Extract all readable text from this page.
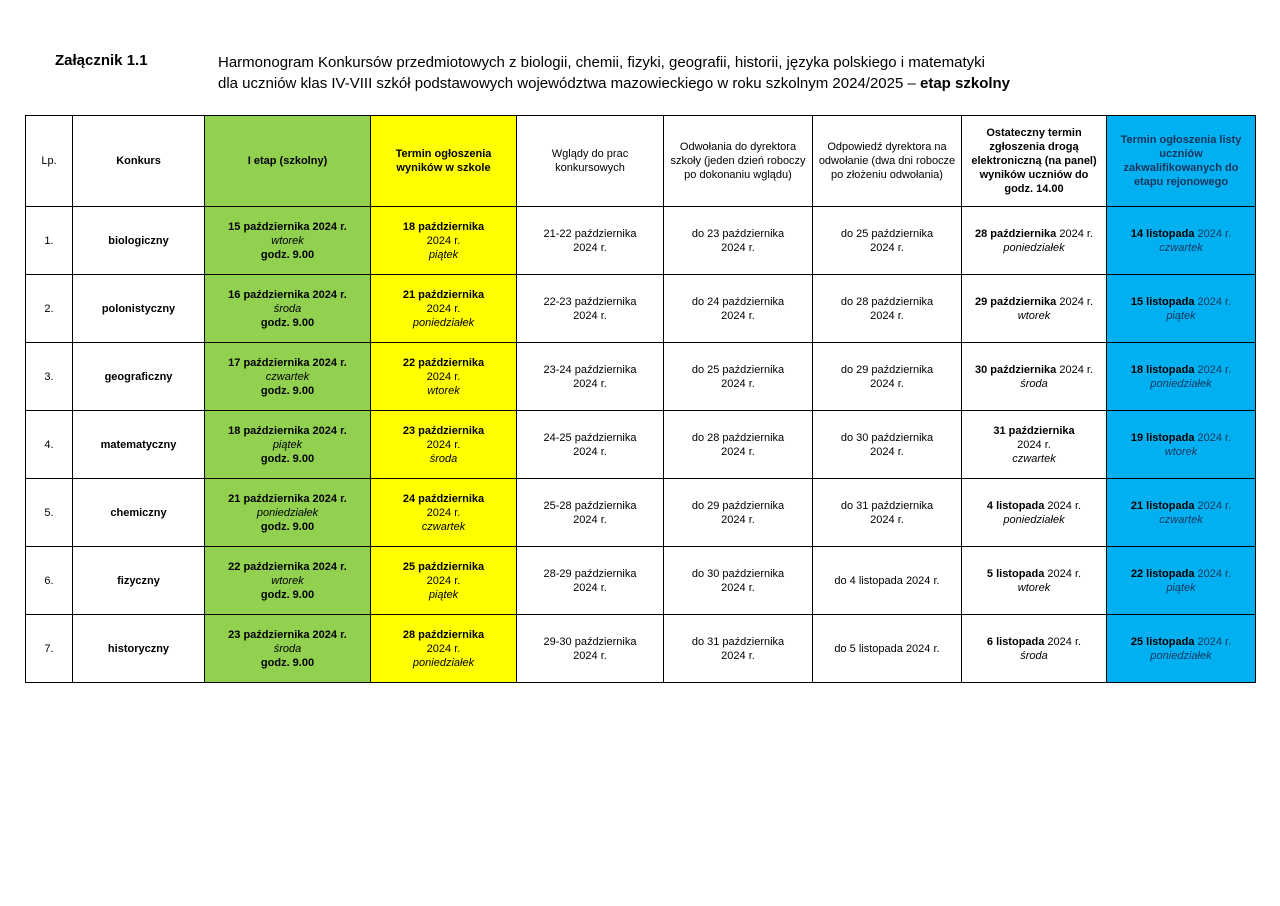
Załącznik 1.1	Harmonogram Konkursów przedmiotowych z biologii, chemii, fizyki, geografii, historii, języka polskiego i matematyki
dla uczniów klas IV-VIII szkół podstawowych województwa mazowieckiego w roku szkolnym 2024/2025 – etap szkolny
Lp.	Konkurs	I etap (szkolny)	Termin ogłoszenia wyników w szkole	Wglądy do prac konkursowych	Odwołania do dyrektora szkoły (jeden dzień roboczy po dokonaniu wglądu)	Odpowiedź dyrektora na odwołanie (dwa dni robocze po złożeniu odwołania)	Ostateczny termin zgłoszenia drogą elektroniczną (na panel) wyników uczniów do godz. 14.00	Termin ogłoszenia listy uczniów zakwalifikowanych do etapu rejonowego
1.	biologiczny	15 października 2024 r.
wtorek
godz. 9.00	18 października
2024 r.
piątek	21-22 października
2024 r.	do 23 października
2024 r.	do 25 października
2024 r.	28 października 2024 r.
poniedziałek	14 listopada 2024 r.
czwartek

2.	polonistyczny	16 października 2024 r.
środa
godz. 9.00	21 października
2024 r.
poniedziałek	22-23 października
2024 r.	do 24 października
2024 r.	do 28 października
2024 r.	29 października 2024 r.
wtorek	15 listopada 2024 r.
piątek

3.	geograficzny	17 października 2024 r.
czwartek
godz. 9.00	22 października
2024 r.
wtorek	23-24 października
2024 r.	do 25 października
2024 r.	do 29 października
2024 r.	30 października 2024 r.
środa	18 listopada 2024 r.
poniedziałek

4.	matematyczny	18 października 2024 r.
piątek
godz. 9.00	23 października
2024 r.
środa	24-25 października
2024 r.	do 28 października
2024 r.	do 30 października
2024 r.	31 października
2024 r.
czwartek	19 listopada 2024 r.
wtorek

5.	chemiczny	21 października 2024 r.
poniedziałek
godz. 9.00	24 października
2024 r.
czwartek	25-28 października
2024 r.	do 29 października
2024 r.	do 31 października
2024 r.	4 listopada 2024 r.
poniedziałek	21 listopada 2024 r.
czwartek

6.	fizyczny	22 października 2024 r.
wtorek
godz. 9.00	25 października
2024 r.
piątek	28-29 października
2024 r.	do 30 października
2024 r.	do 4 listopada 2024 r.	5 listopada 2024 r.
wtorek	22 listopada 2024 r.
piątek

7.	historyczny	23 października 2024 r.
środa
godz. 9.00	28 października
2024 r.
poniedziałek	29-30 października
2024 r.	do 31 października
2024 r.	do 5 listopada 2024 r.	6 listopada 2024 r.
środa	25 listopada 2024 r.
poniedziałek
